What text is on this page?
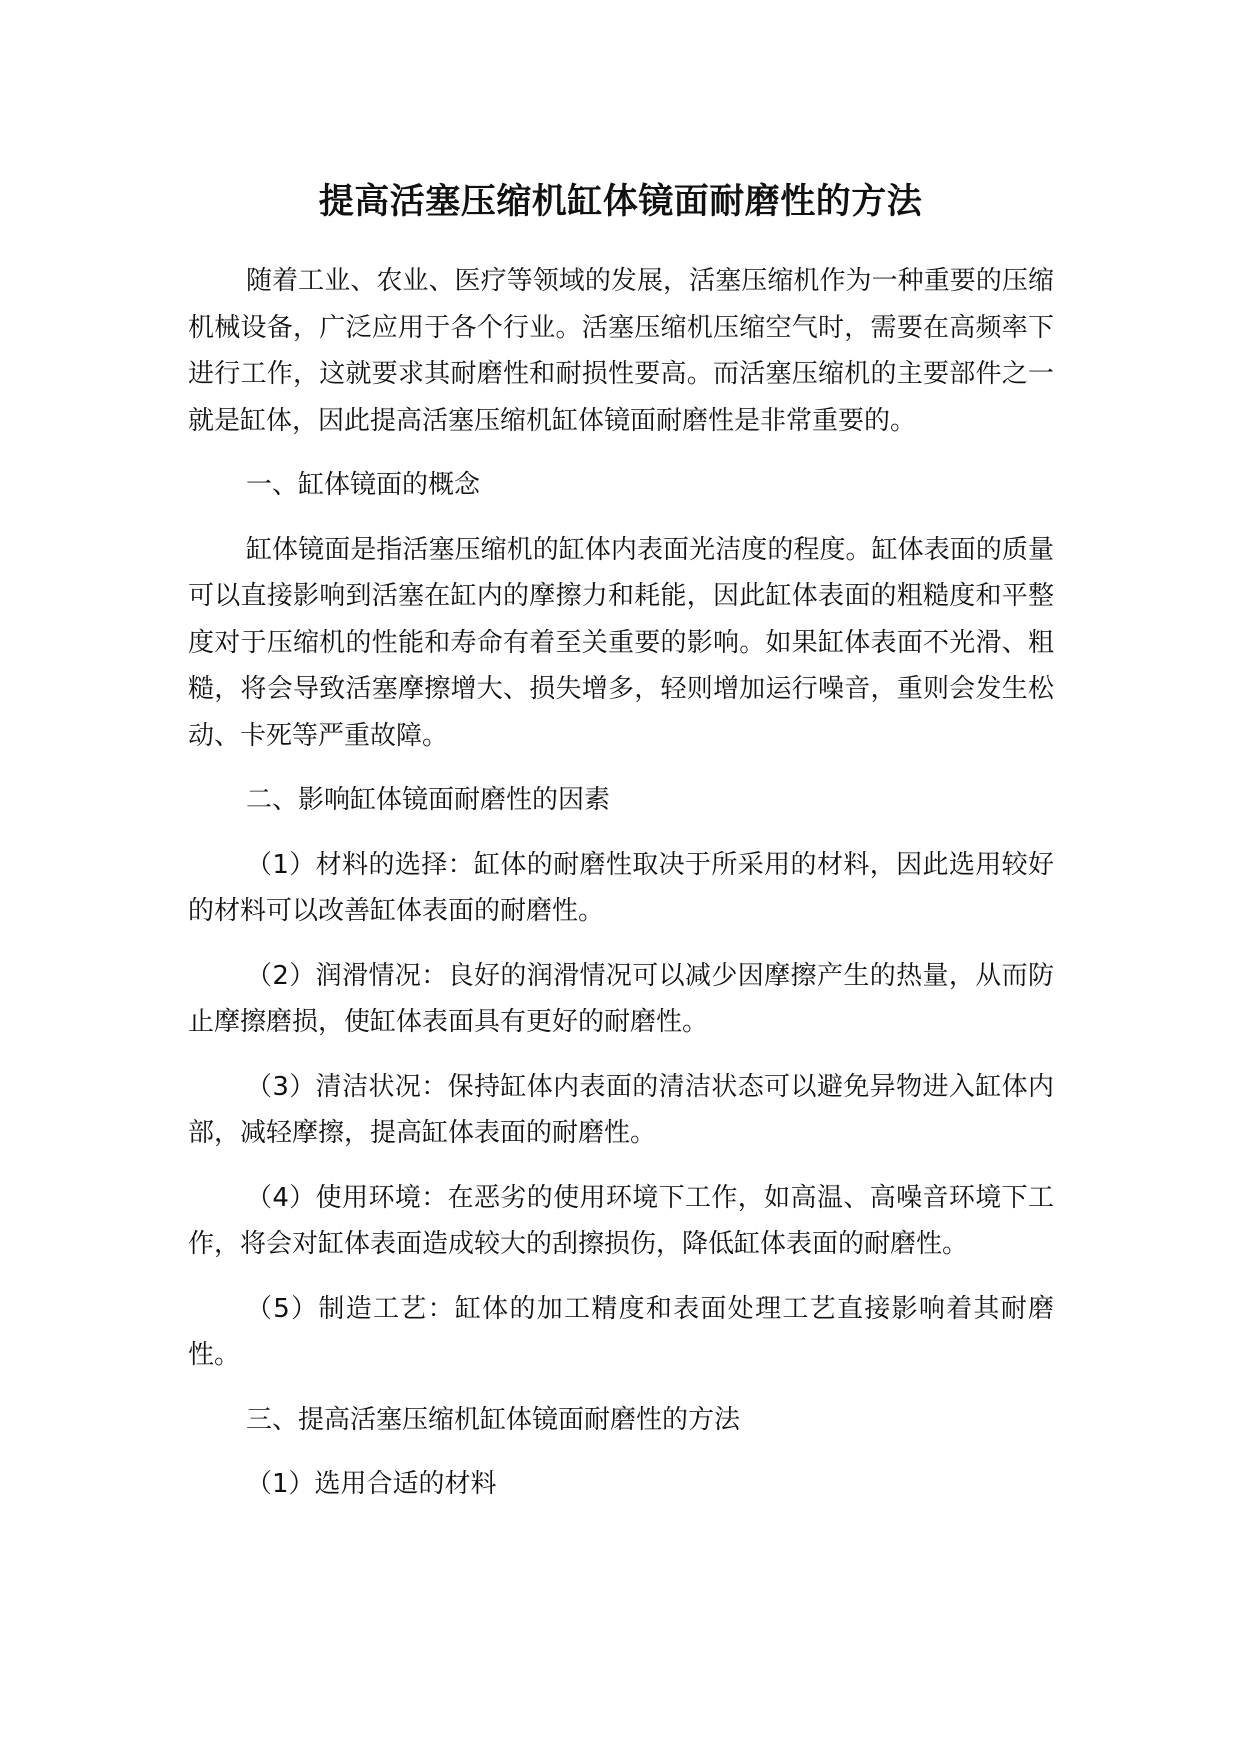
提高活塞压缩机缸体镜面耐磨性的方法

随着工业、农业、医疗等领域的发展，活塞压缩机作为一种重要的压缩机械设备，广泛应用于各个行业。活塞压缩机压缩空气时，需要在高频率下进行工作，这就要求其耐磨性和耐损性要高。而活塞压缩机的主要部件之一就是缸体，因此提高活塞压缩机缸体镜面耐磨性是非常重要的。

一、缸体镜面的概念

缸体镜面是指活塞压缩机的缸体内表面光洁度的程度。缸体表面的质量可以直接影响到活塞在缸内的摩擦力和耗能，因此缸体表面的粗糙度和平整度对于压缩机的性能和寿命有着至关重要的影响。如果缸体表面不光滑、粗糙，将会导致活塞摩擦增大、损失增多，轻则增加运行噪音，重则会发生松动、卡死等严重故障。

二、影响缸体镜面耐磨性的因素

（1）材料的选择：缸体的耐磨性取决于所采用的材料，因此选用较好的材料可以改善缸体表面的耐磨性。

（2）润滑情况：良好的润滑情况可以减少因摩擦产生的热量，从而防止摩擦磨损，使缸体表面具有更好的耐磨性。

（3）清洁状况：保持缸体内表面的清洁状态可以避免异物进入缸体内部，减轻摩擦，提高缸体表面的耐磨性。

（4）使用环境：在恶劣的使用环境下工作，如高温、高噪音环境下工作，将会对缸体表面造成较大的刮擦损伤，降低缸体表面的耐磨性。

（5）制造工艺：缸体的加工精度和表面处理工艺直接影响着其耐磨性。

三、提高活塞压缩机缸体镜面耐磨性的方法

（1）选用合适的材料
